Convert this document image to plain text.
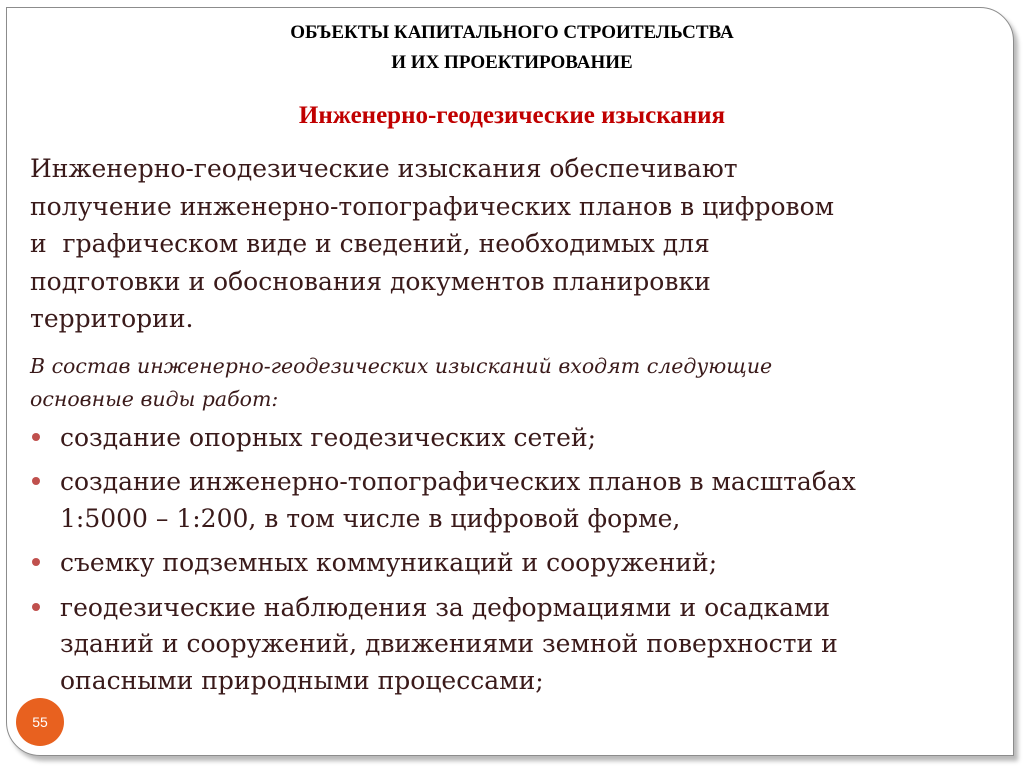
ОБЪЕКТЫ КАПИТАЛЬНОГО СТРОИТЕЛЬСТВА
И ИХ ПРОЕКТИРОВАНИЕ
Инженерно-геодезические изыскания

Инженерно-геодезические изыскания обеспечивают
получение инженерно-топографических планов в цифровом
и  графическом виде и сведений, необходимых для
подготовки и обоснования документов планировки
территории.

В состав инженерно-геодезических изысканий входят следующие
основные виды работ:

создание опорных геодезических сетей;
создание инженерно-топографических планов в масштабах
1:5000 – 1:200, в том числе в цифровой форме,
съемку подземных коммуникаций и сооружений;
геодезические наблюдения за деформациями и осадками
зданий и сооружений, движениями земной поверхности и
опасными природными процессами;
55
